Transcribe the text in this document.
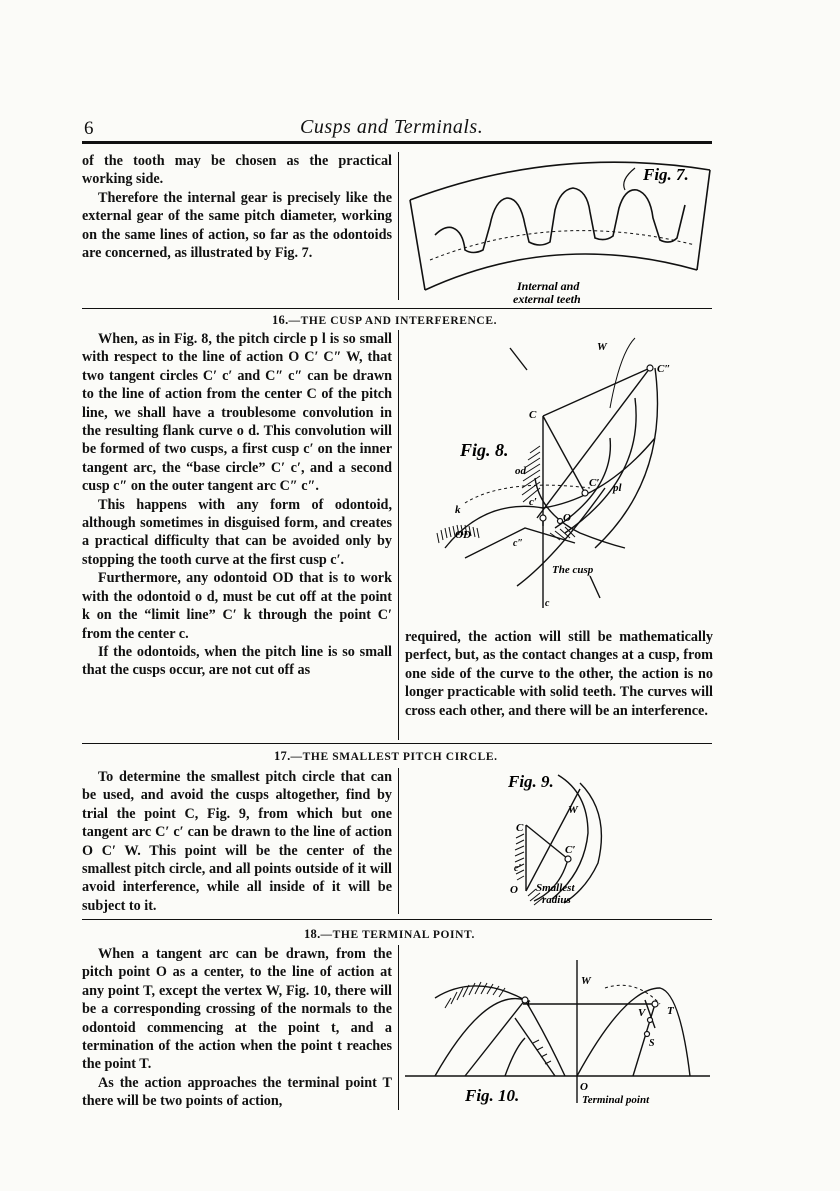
6	Cusps and Terminals.

of the tooth may be chosen as the practical working side.

Therefore the internal gear is precisely like the external gear of the same pitch diameter, working on the same lines of action, so far as the odontoids are concerned, as illustrated by Fig. 7.

Fig. 7.
Internal and
external teeth
16.—THE CUSP AND INTERFERENCE.

When, as in Fig. 8, the pitch circle p l is so small with respect to the line of action O C′ C″ W, that two tangent circles C′ c′ and C″ c″ can be drawn to the line of action from the center C of the pitch line, we shall have a troublesome convolution in the resulting flank curve o d. This convolution will be formed of two cusps, a first cusp c′ on the inner tangent arc, the “base circle” C′ c′, and a second cusp c″ on the outer tangent arc C″ c″.

This happens with any form of odontoid, although sometimes in disguised form, and creates a practical difficulty that can be avoided only by stopping the tooth curve at the first cusp c′.

Furthermore, any odontoid OD that is to work with the odontoid o d, must be cut off at the point k on the “limit line” C′ k through the point C′ from the center c.

If the odontoids, when the pitch line is so small that the cusps occur, are not cut off as

Fig. 8.
W
C″
C
C′ pl
od
c′
k
O
OD
c″
The cusp
c

required, the action will still be mathematically perfect, but, as the contact changes at a cusp, from one side of the curve to the other, the action is no longer practicable with solid teeth. The curves will cross each other, and there will be an interference.

17.—THE SMALLEST PITCH CIRCLE.

To determine the smallest pitch circle that can be used, and avoid the cusps altogether, find by trial the point C, Fig. 9, from which but one tangent arc C′ c′ can be drawn to the line of action O C′ W. This point will be the center of the smallest pitch circle, and all points outside of it will avoid interference, while all inside of it will be subject to it.

Fig. 9.
W
C
C′
c′
O Smallest
radius
18.—THE TERMINAL POINT.

When a tangent arc can be drawn, from the pitch point O as a center, to the line of action at any point T, except the vertex W, Fig. 10, there will be a corresponding crossing of the normals to the odontoid commencing at the point t, and a termination of the action when the point t reaches the point T.

As the action approaches the terminal point T there will be two points of action,

W
t
V T
S
Fig. 10.	O
Terminal point
